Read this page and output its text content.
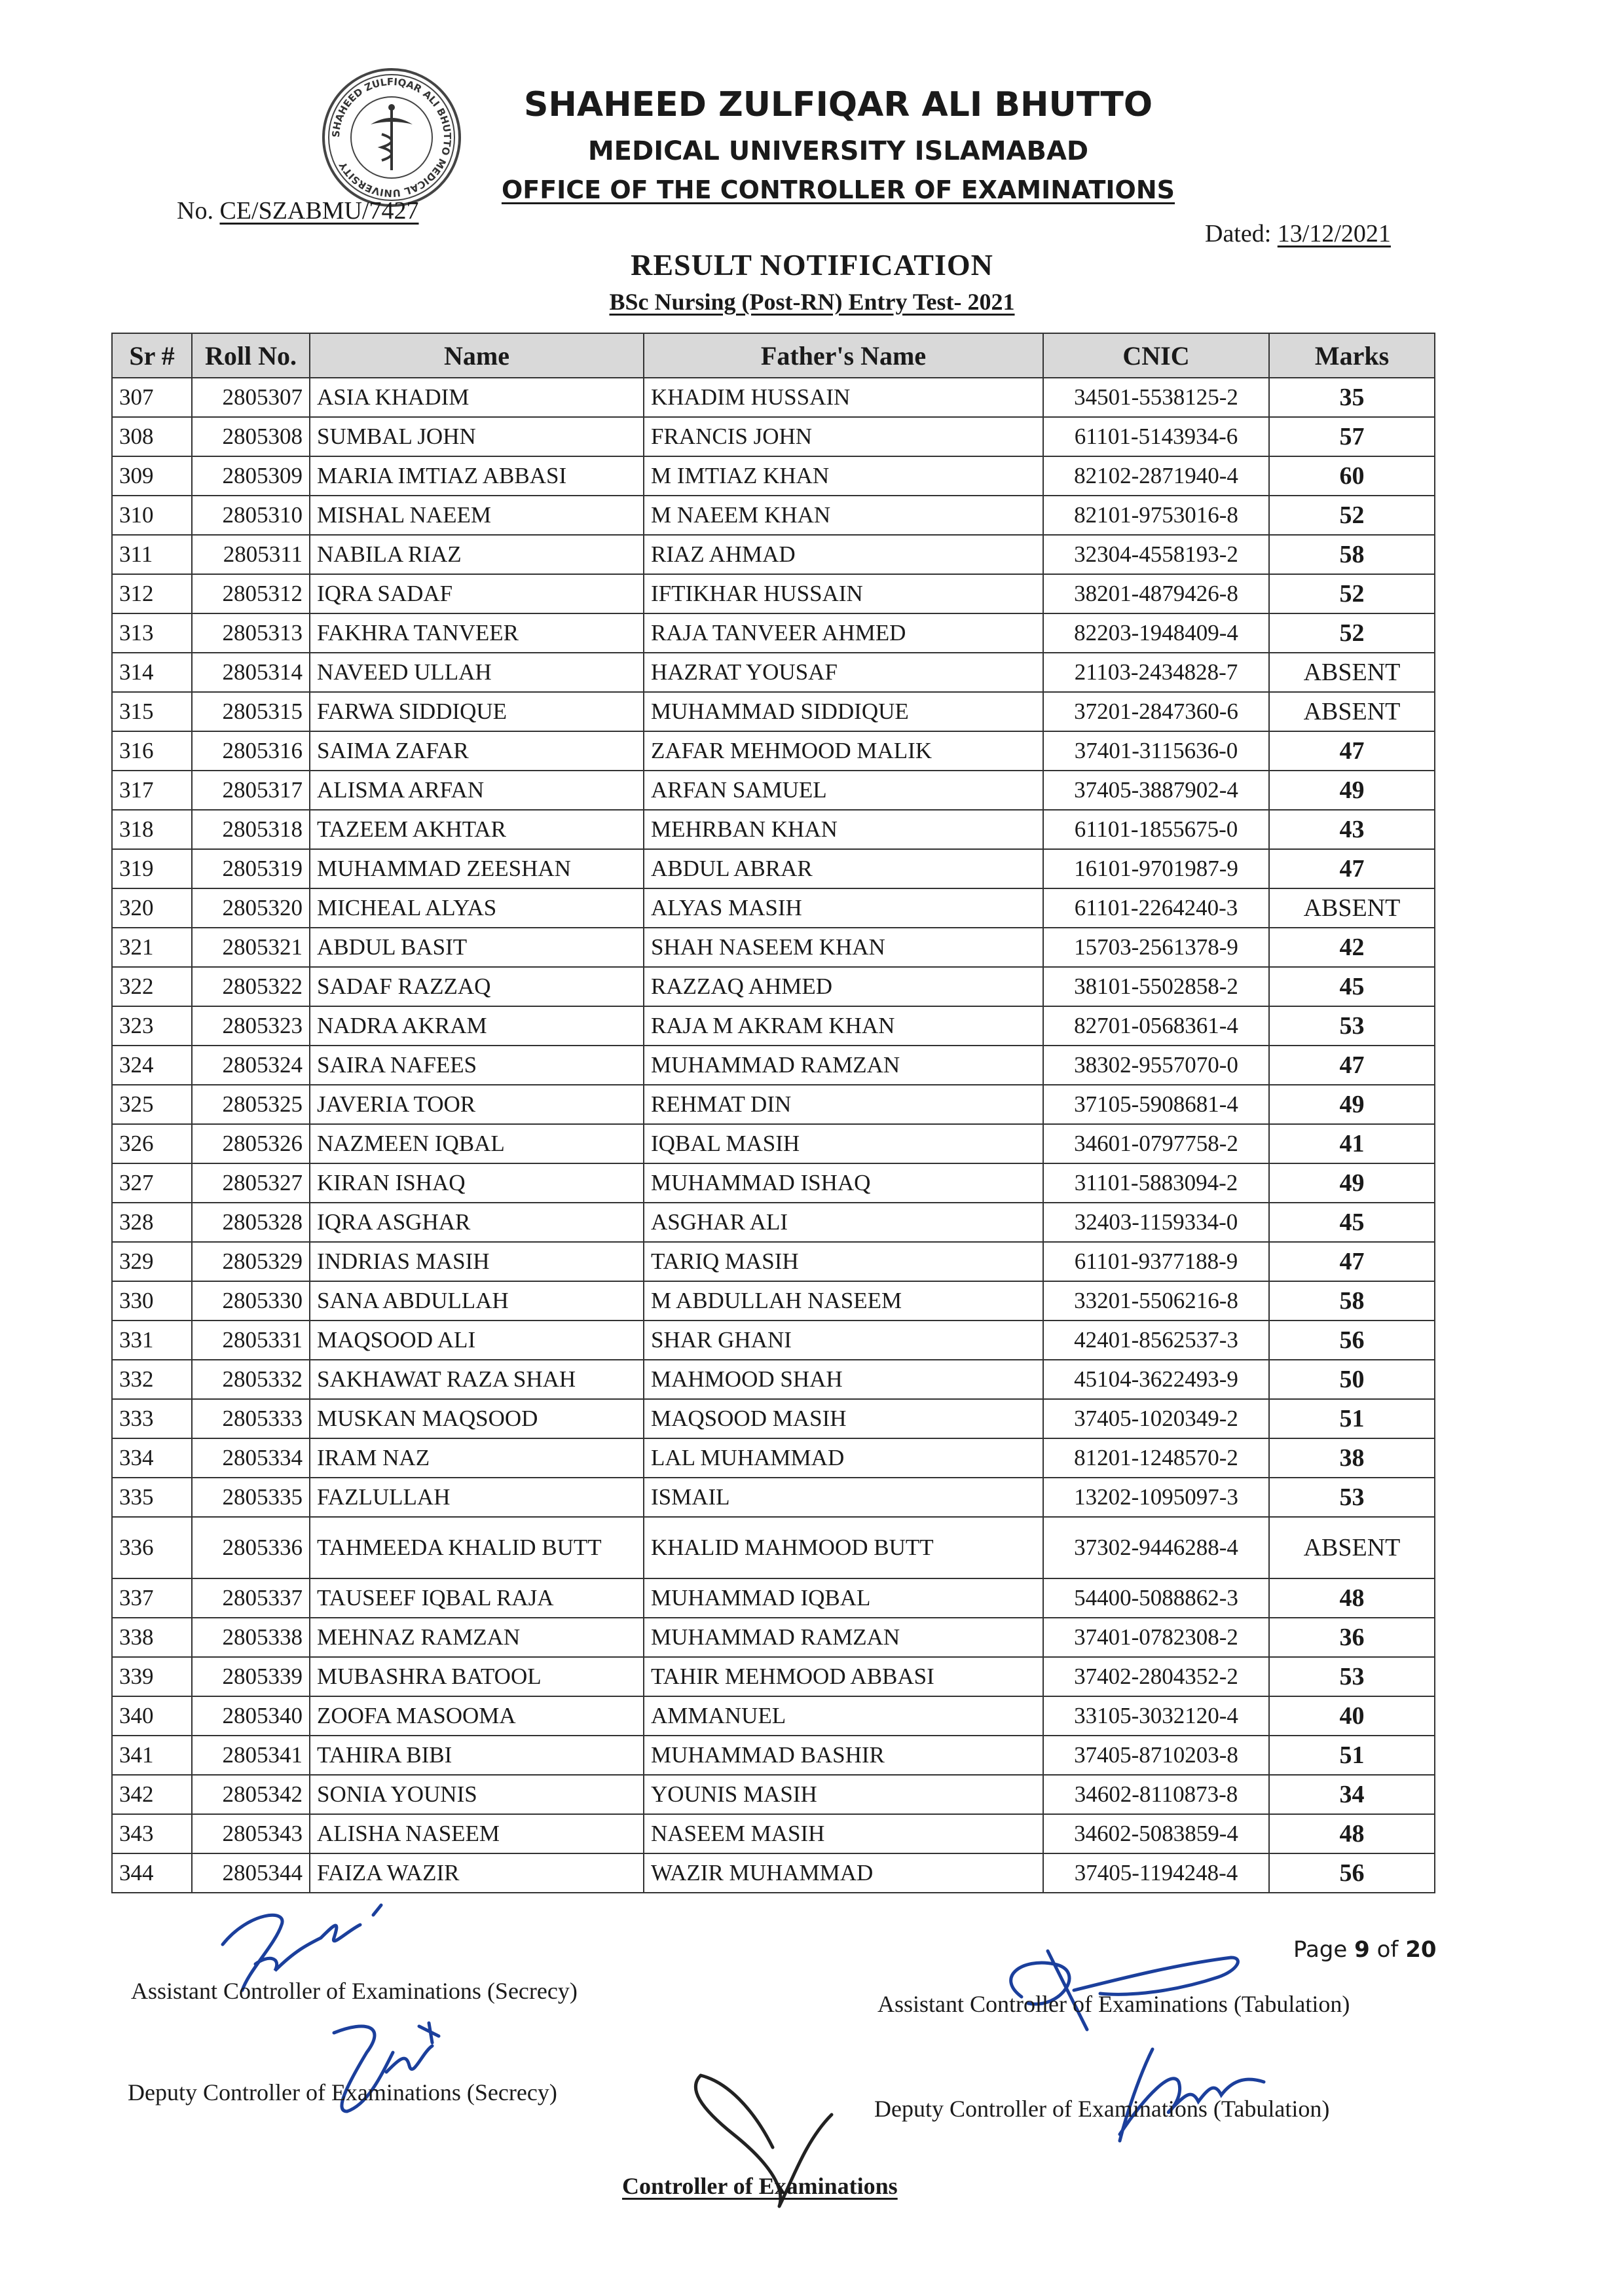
SHAHEED ZULFIQAR ALI BHUTTO MEDICAL UNIVERSITY
SHAHEED ZULFIQAR ALI BHUTTO
MEDICAL UNIVERSITY ISLAMABAD
OFFICE OF THE CONTROLLER OF EXAMINATIONS
No. CE/SZABMU/7427
Dated: 13/12/2021
RESULT NOTIFICATION
BSc Nursing (Post-RN) Entry Test- 2021
Sr #	Roll No.	Name	Father's Name	CNIC	Marks
307	2805307	ASIA KHADIM	KHADIM HUSSAIN	34501-5538125-2	35
308	2805308	SUMBAL JOHN	FRANCIS JOHN	61101-5143934-6	57
309	2805309	MARIA IMTIAZ ABBASI	M IMTIAZ KHAN	82102-2871940-4	60
310	2805310	MISHAL NAEEM	M NAEEM KHAN	82101-9753016-8	52
311	2805311	NABILA RIAZ	RIAZ AHMAD	32304-4558193-2	58
312	2805312	IQRA SADAF	IFTIKHAR HUSSAIN	38201-4879426-8	52
313	2805313	FAKHRA TANVEER	RAJA TANVEER AHMED	82203-1948409-4	52
314	2805314	NAVEED ULLAH	HAZRAT YOUSAF	21103-2434828-7	ABSENT
315	2805315	FARWA SIDDIQUE	MUHAMMAD SIDDIQUE	37201-2847360-6	ABSENT
316	2805316	SAIMA ZAFAR	ZAFAR MEHMOOD MALIK	37401-3115636-0	47
317	2805317	ALISMA ARFAN	ARFAN SAMUEL	37405-3887902-4	49
318	2805318	TAZEEM AKHTAR	MEHRBAN KHAN	61101-1855675-0	43
319	2805319	MUHAMMAD ZEESHAN	ABDUL ABRAR	16101-9701987-9	47
320	2805320	MICHEAL ALYAS	ALYAS MASIH	61101-2264240-3	ABSENT
321	2805321	ABDUL BASIT	SHAH NASEEM KHAN	15703-2561378-9	42
322	2805322	SADAF RAZZAQ	RAZZAQ AHMED	38101-5502858-2	45
323	2805323	NADRA AKRAM	RAJA M AKRAM KHAN	82701-0568361-4	53
324	2805324	SAIRA NAFEES	MUHAMMAD RAMZAN	38302-9557070-0	47
325	2805325	JAVERIA TOOR	REHMAT DIN	37105-5908681-4	49
326	2805326	NAZMEEN IQBAL	IQBAL MASIH	34601-0797758-2	41
327	2805327	KIRAN ISHAQ	MUHAMMAD ISHAQ	31101-5883094-2	49
328	2805328	IQRA ASGHAR	ASGHAR ALI	32403-1159334-0	45
329	2805329	INDRIAS MASIH	TARIQ MASIH	61101-9377188-9	47
330	2805330	SANA ABDULLAH	M ABDULLAH NASEEM	33201-5506216-8	58
331	2805331	MAQSOOD ALI	SHAR GHANI	42401-8562537-3	56
332	2805332	SAKHAWAT RAZA SHAH	MAHMOOD SHAH	45104-3622493-9	50
333	2805333	MUSKAN MAQSOOD	MAQSOOD MASIH	37405-1020349-2	51
334	2805334	IRAM NAZ	LAL MUHAMMAD	81201-1248570-2	38
335	2805335	FAZLULLAH	ISMAIL	13202-1095097-3	53
336	2805336	TAHMEEDA KHALID BUTT	KHALID MAHMOOD BUTT	37302-9446288-4	ABSENT
337	2805337	TAUSEEF IQBAL RAJA	MUHAMMAD IQBAL	54400-5088862-3	48
338	2805338	MEHNAZ RAMZAN	MUHAMMAD RAMZAN	37401-0782308-2	36
339	2805339	MUBASHRA BATOOL	TAHIR MEHMOOD ABBASI	37402-2804352-2	53
340	2805340	ZOOFA MASOOMA	AMMANUEL	33105-3032120-4	40
341	2805341	TAHIRA BIBI	MUHAMMAD BASHIR	37405-8710203-8	51
342	2805342	SONIA YOUNIS	YOUNIS MASIH	34602-8110873-8	34
343	2805343	ALISHA NASEEM	NASEEM MASIH	34602-5083859-4	48
344	2805344	FAIZA WAZIR	WAZIR MUHAMMAD	37405-1194248-4	56
Page 9 of 20
Assistant Controller of Examinations (Secrecy)
Deputy Controller of Examinations (Secrecy)
Assistant Controller of Examinations (Tabulation)
Deputy Controller of Examinations (Tabulation)
Controller of Examinations
